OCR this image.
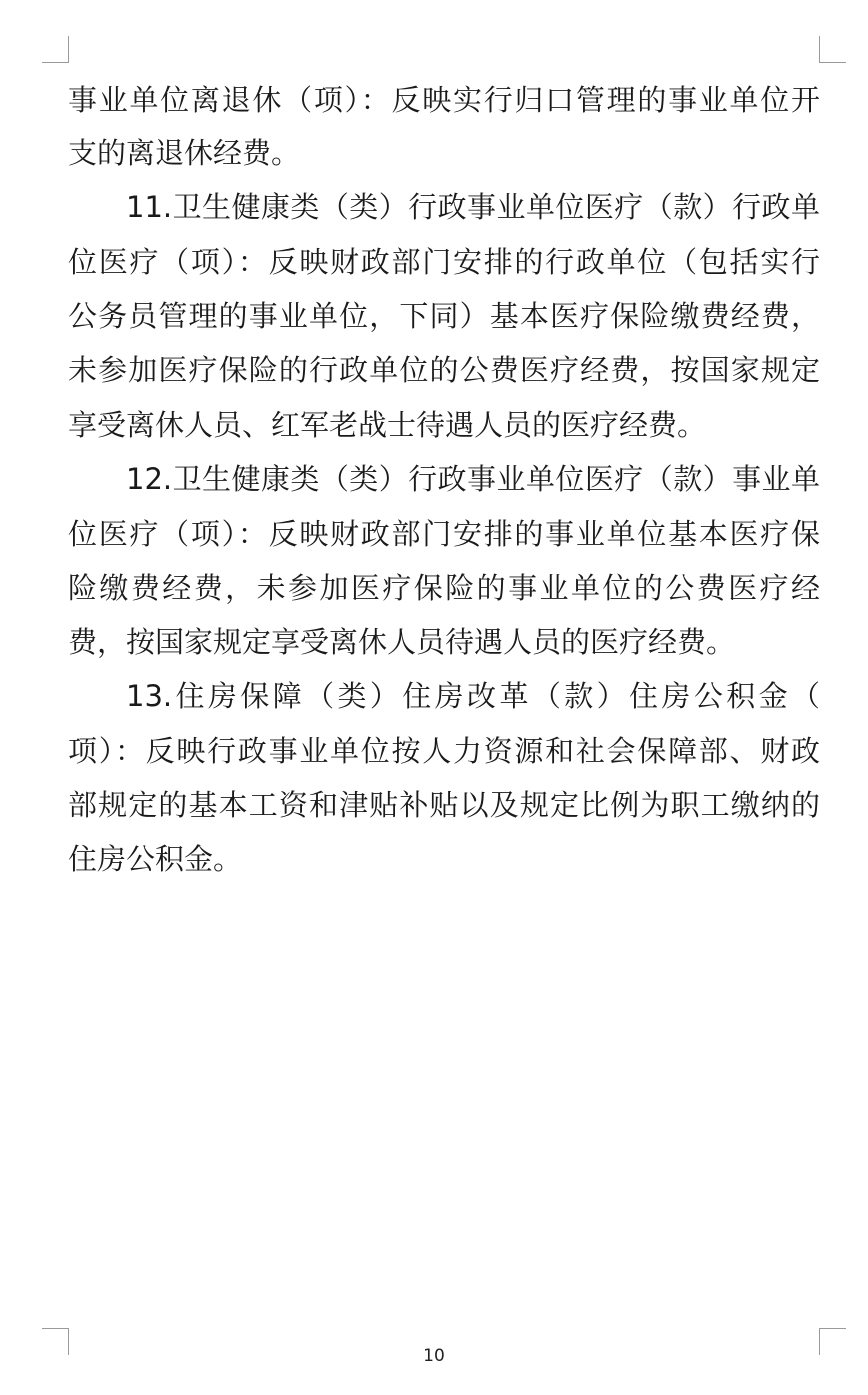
事业单位离退休（项）：反映实行归口管理的事业单位开
支的离退休经费。
11.卫生健康类（类）行政事业单位医疗（款）行政单
位医疗（项）：反映财政部门安排的行政单位（包括实行
公务员管理的事业单位，下同）基本医疗保险缴费经费，
未参加医疗保险的行政单位的公费医疗经费，按国家规定
享受离休人员、红军老战士待遇人员的医疗经费。
12.卫生健康类（类）行政事业单位医疗（款）事业单
位医疗（项）：反映财政部门安排的事业单位基本医疗保
险缴费经费，未参加医疗保险的事业单位的公费医疗经
费，按国家规定享受离休人员待遇人员的医疗经费。
13.住房保障（类）住房改革（款）住房公积金（
项）：反映行政事业单位按人力资源和社会保障部、财政
部规定的基本工资和津贴补贴以及规定比例为职工缴纳的
住房公积金。
10
